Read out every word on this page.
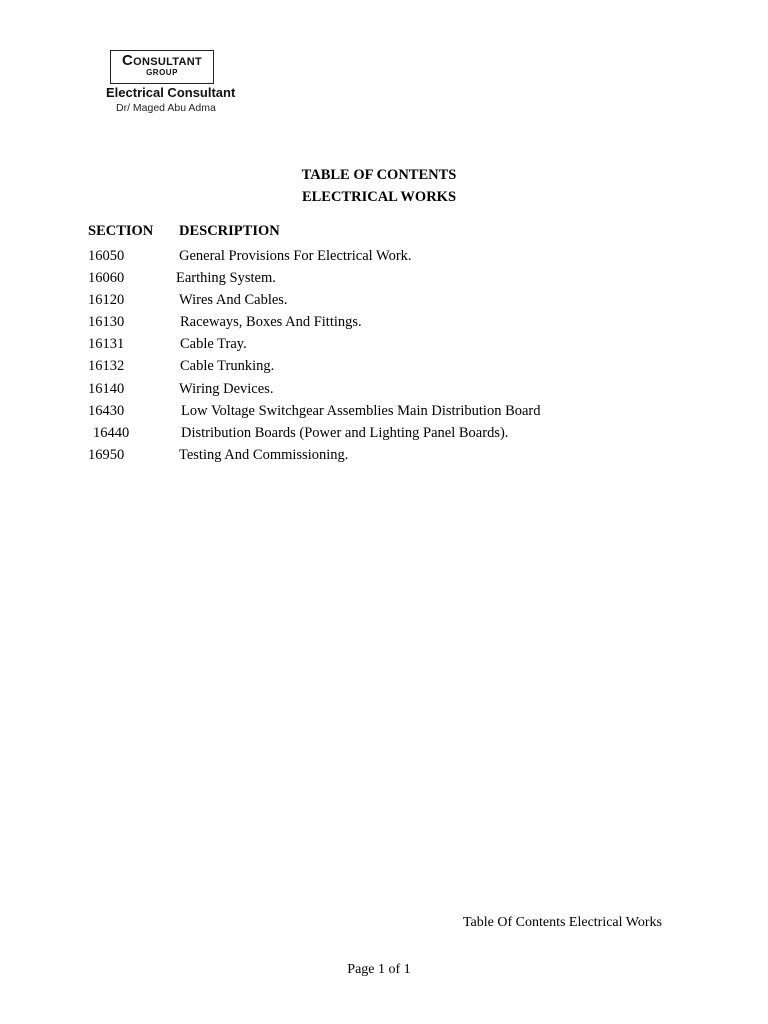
Consultant
GROUP
Electrical Consultant
Dr/ Maged Abu Adma
TABLE OF CONTENTS
ELECTRICAL WORKS
SECTION DESCRIPTION
16050	General Provisions For Electrical Work.
16060	Earthing System.
16120	Wires And Cables.
16130	Raceways, Boxes And Fittings.
16131	Cable Tray.
16132	Cable Trunking.
16140	Wiring Devices.
16430	Low Voltage Switchgear Assemblies Main Distribution Board
16440	Distribution Boards (Power and Lighting Panel Boards).
16950	Testing And Commissioning.
Table Of Contents Electrical Works
Page 1 of 1
